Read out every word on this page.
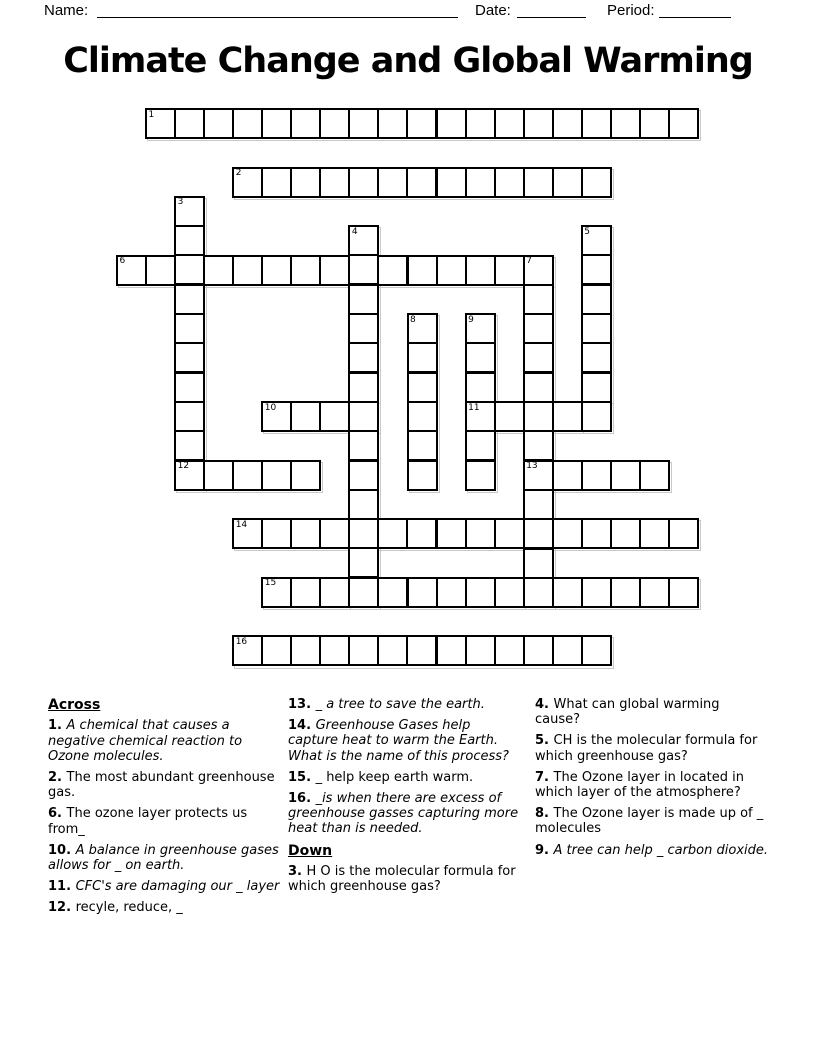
Name:	Date:	Period:
Climate Change and Global Warming
1
2
6
10	11
12	13
14
15
16
3
4	5
7
8	9
Across

1. A chemical that causes a negative chemical reaction to Ozone molecules.

2. The most abundant greenhouse gas.

6. The ozone layer protects us from_

10. A balance in greenhouse gases allows for _ on earth.

11. CFC's are damaging our _ layer

12. recyle, reduce, _

13. _ a tree to save the earth.

14. Greenhouse Gases help capture heat to warm the Earth. What is the name of this process?

15. _ help keep earth warm.

16. _is when there are excess of greenhouse gasses capturing more heat than is needed.

Down

3. H O is the molecular formula for which greenhouse gas?

4. What can global warming cause?

5. CH is the molecular formula for which greenhouse gas?

7. The Ozone layer in located in which layer of the atmosphere?

8. The Ozone layer is made up of _ molecules

9. A tree can help _ carbon dioxide.
